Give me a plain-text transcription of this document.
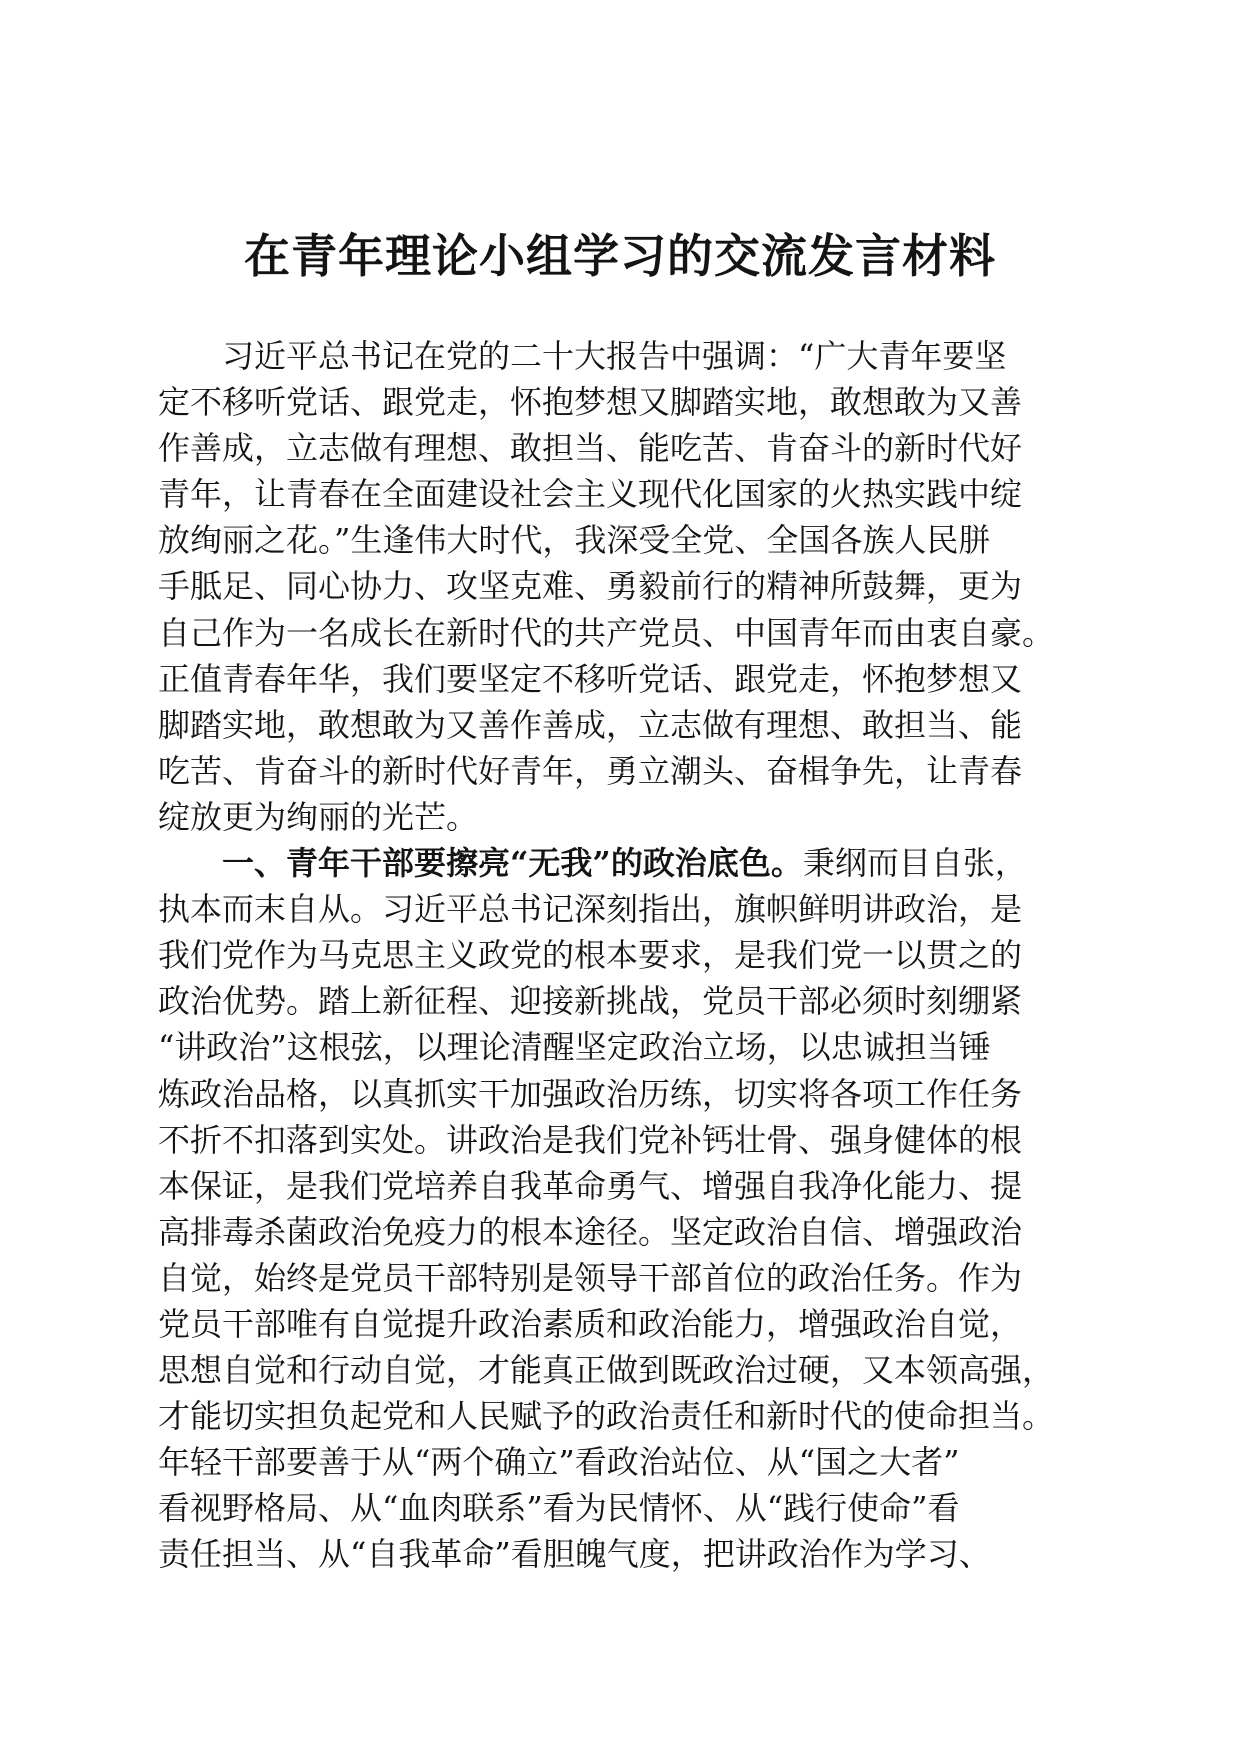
在青年理论小组学习的交流发言材料
习近平总书记在党的二十大报告中强调：“广大青年要坚
定不移听党话、跟党走，怀抱梦想又脚踏实地，敢想敢为又善
作善成，立志做有理想、敢担当、能吃苦、肯奋斗的新时代好
青年，让青春在全面建设社会主义现代化国家的火热实践中绽
放绚丽之花。”生逢伟大时代，我深受全党、全国各族人民胼
手胝足、同心协力、攻坚克难、勇毅前行的精神所鼓舞，更为
自己作为一名成长在新时代的共产党员、中国青年而由衷自豪。
正值青春年华，我们要坚定不移听党话、跟党走，怀抱梦想又
脚踏实地，敢想敢为又善作善成，立志做有理想、敢担当、能
吃苦、肯奋斗的新时代好青年，勇立潮头、奋楫争先，让青春
绽放更为绚丽的光芒。
一、青年干部要擦亮“无我”的政治底色。秉纲而目自张，
执本而末自从。习近平总书记深刻指出，旗帜鲜明讲政治，是
我们党作为马克思主义政党的根本要求，是我们党一以贯之的
政治优势。踏上新征程、迎接新挑战，党员干部必须时刻绷紧
“讲政治”这根弦，以理论清醒坚定政治立场，以忠诚担当锤
炼政治品格，以真抓实干加强政治历练，切实将各项工作任务
不折不扣落到实处。讲政治是我们党补钙壮骨、强身健体的根
本保证，是我们党培养自我革命勇气、增强自我净化能力、提
高排毒杀菌政治免疫力的根本途径。坚定政治自信、增强政治
自觉，始终是党员干部特别是领导干部首位的政治任务。作为
党员干部唯有自觉提升政治素质和政治能力，增强政治自觉，
思想自觉和行动自觉，才能真正做到既政治过硬，又本领高强，
才能切实担负起党和人民赋予的政治责任和新时代的使命担当。
年轻干部要善于从“两个确立”看政治站位、从“国之大者”
看视野格局、从“血肉联系”看为民情怀、从“践行使命”看
责任担当、从“自我革命”看胆魄气度，把讲政治作为学习、
